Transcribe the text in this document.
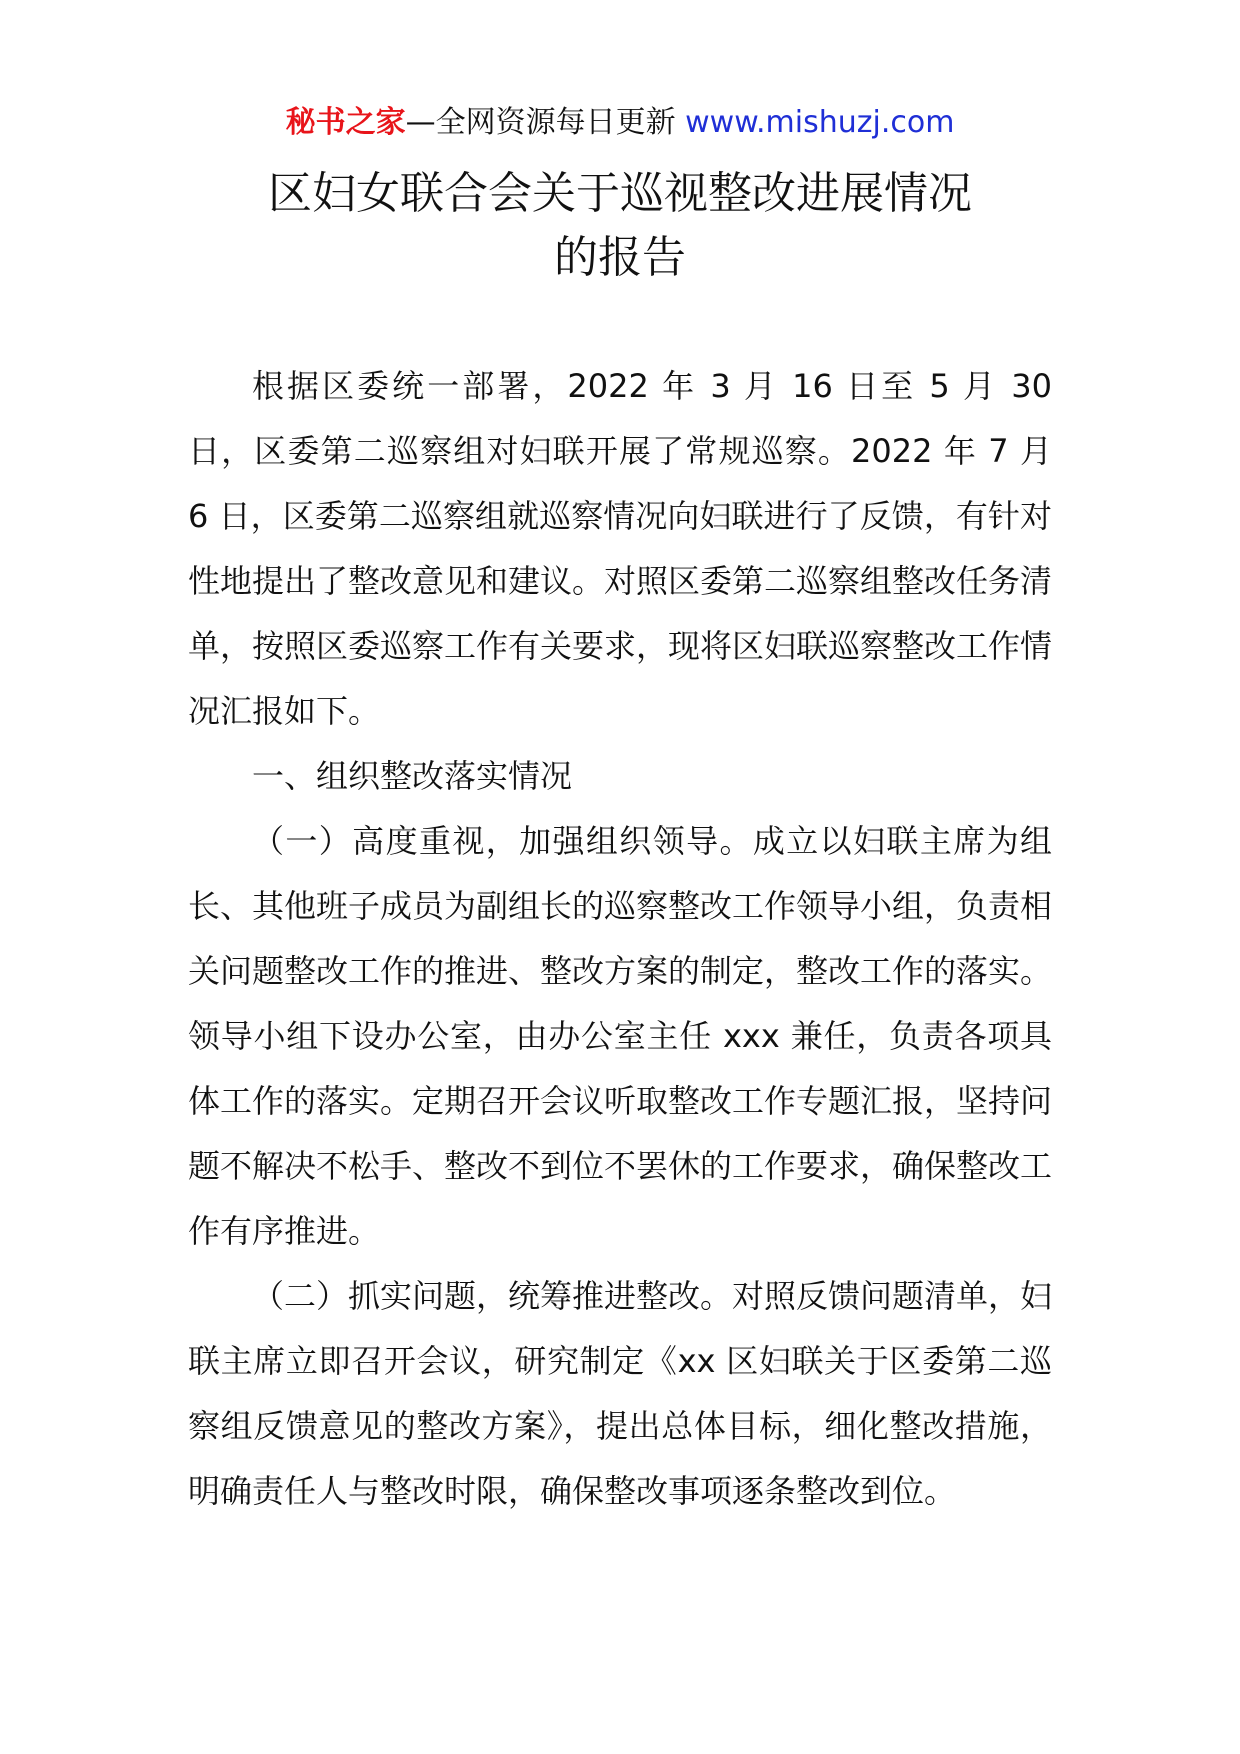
秘书之家—全网资源每日更新 www.mishuzj.com
区妇女联合会关于巡视整改进展情况
的报告

根据区委统一部署，2022 年 3 月 16 日至 5 月 30 日，区委第二巡察组对妇联开展了常规巡察。2022 年 7 月 6 日，区委第二巡察组就巡察情况向妇联进行了反馈，有针对性地提出了整改意见和建议。对照区委第二巡察组整改任务清单，按照区委巡察工作有关要求，现将区妇联巡察整改工作情况汇报如下。

一、组织整改落实情况

（一）高度重视，加强组织领导。成立以妇联主席为组长、其他班子成员为副组长的巡察整改工作领导小组，负责相关问题整改工作的推进、整改方案的制定，整改工作的落实。领导小组下设办公室，由办公室主任 xxx 兼任，负责各项具体工作的落实。定期召开会议听取整改工作专题汇报，坚持问题不解决不松手、整改不到位不罢休的工作要求，确保整改工作有序推进。

（二）抓实问题，统筹推进整改。对照反馈问题清单，妇联主席立即召开会议，研究制定《xx 区妇联关于区委第二巡察组反馈意见的整改方案》，提出总体目标，细化整改措施，明确责任人与整改时限，确保整改事项逐条整改到位。
